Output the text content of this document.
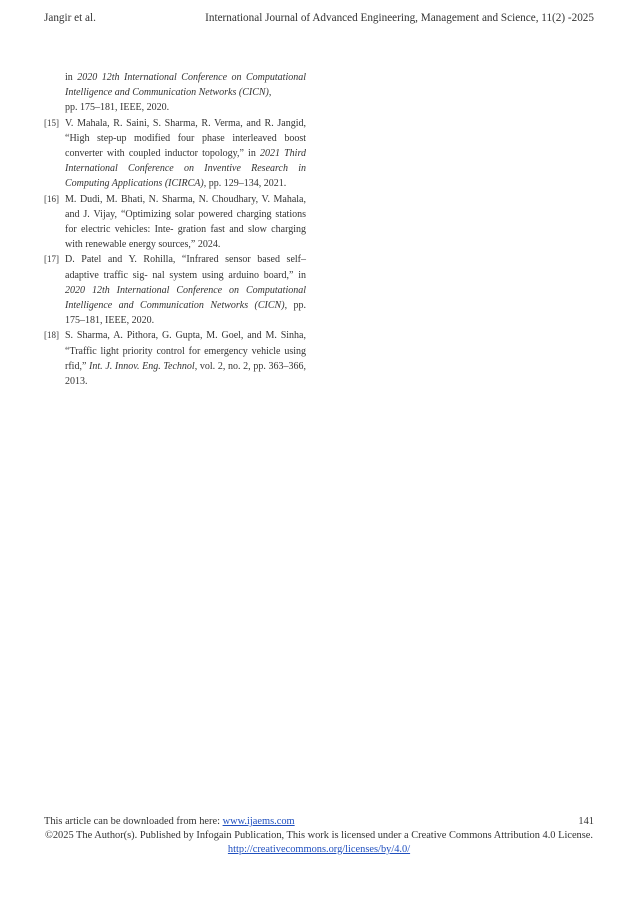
Jangir et al.	International Journal of Advanced Engineering, Management and Science, 11(2) -2025
in 2020 12th International Conference on Computational Intelligence and Communication Networks (CICN),
pp. 175–181, IEEE, 2020.
[15] V. Mahala, R. Saini, S. Sharma, R. Verma, and R. Jangid, “High step-up modified four phase interleaved boost converter with coupled inductor topology,” in 2021 Third International Conference on Inventive Research in Computing Applications (ICIRCA), pp. 129–134, 2021.
[16] M. Dudi, M. Bhati, N. Sharma, N. Choudhary, V. Mahala, and J. Vijay, “Optimizing solar powered charging stations for electric vehicles: Inte- gration fast and slow charging with renewable energy sources,” 2024.
[17] D. Patel and Y. Rohilla, “Infrared sensor based self–adaptive traffic sig- nal system using arduino board,” in 2020 12th International Conference on Computational Intelligence and Communication Networks (CICN), pp. 175–181, IEEE, 2020.
[18] S. Sharma, A. Pithora, G. Gupta, M. Goel, and M. Sinha, “Traffic light priority control for emergency vehicle using rfid,” Int. J. Innov. Eng. Technol, vol. 2, no. 2, pp. 363–366, 2013.
This article can be downloaded from here: www.ijaems.com	141
©2025 The Author(s). Published by Infogain Publication, This work is licensed under a Creative Commons Attribution 4.0 License. http://creativecommons.org/licenses/by/4.0/
